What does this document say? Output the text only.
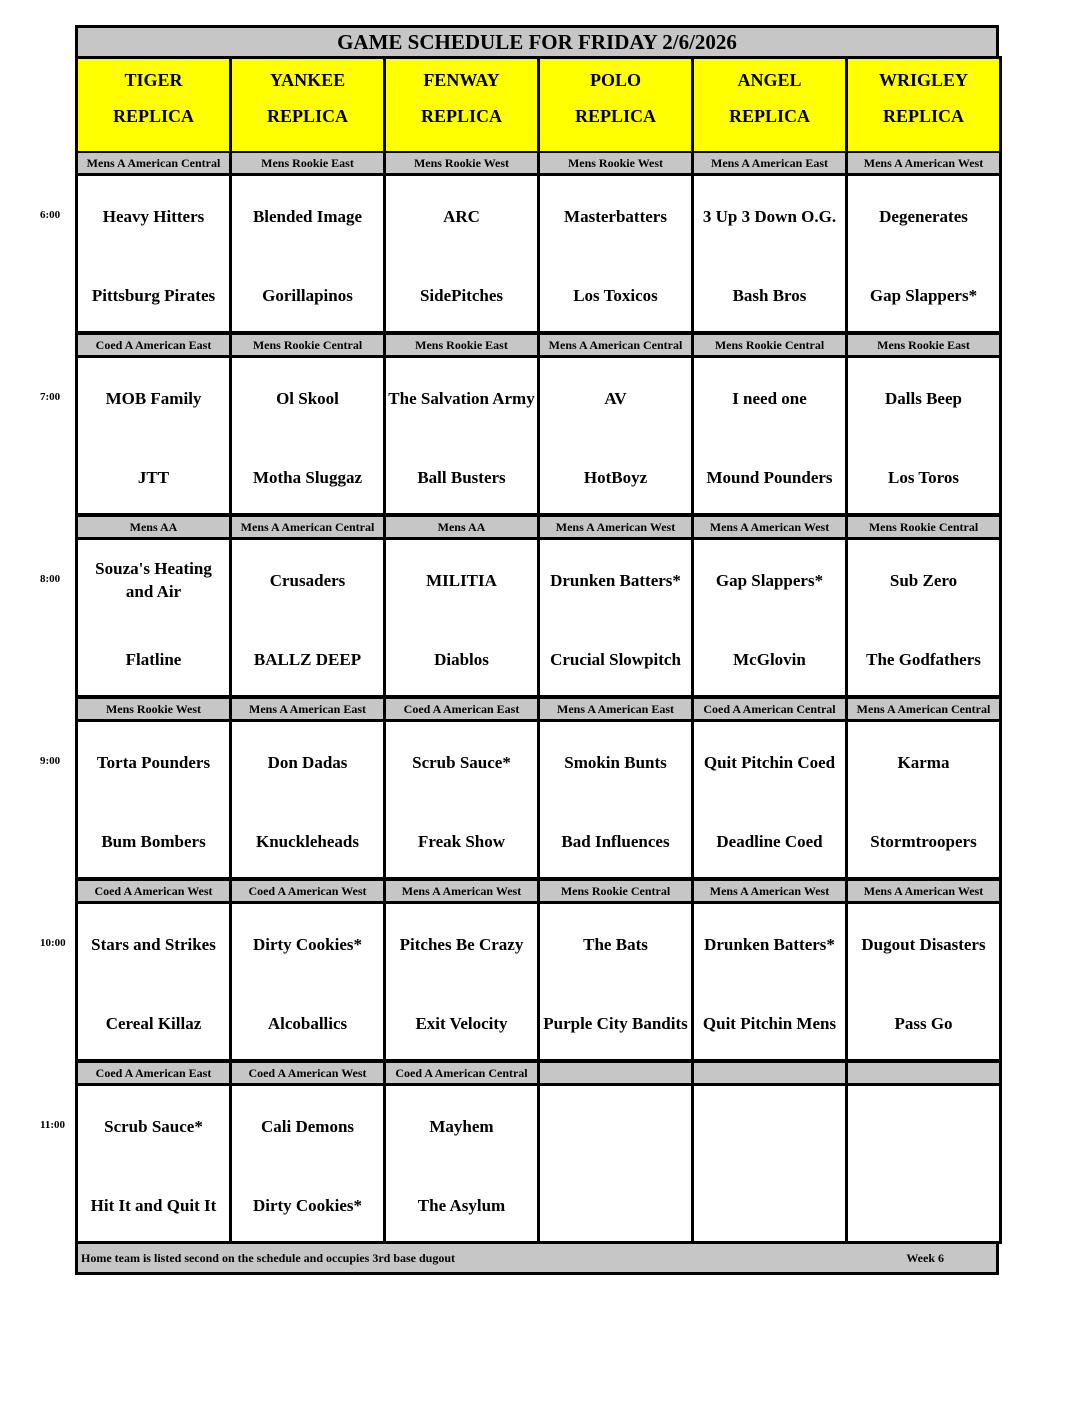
GAME SCHEDULE FOR FRIDAY 2/6/2026
TIGER
REPLICA
YANKEE
REPLICA
FENWAY
REPLICA
POLO
REPLICA
ANGEL
REPLICA
WRIGLEY
REPLICA
Mens A American Central
Heavy Hitters
Pittsburg Pirates
Mens Rookie East
Blended Image
Gorillapinos
Mens Rookie West
ARC
SidePitches
Mens Rookie West
Masterbatters
Los Toxicos
Mens A American East
3 Up 3 Down O.G.
Bash Bros
Mens A American West
Degenerates
Gap Slappers*
Coed A American East
MOB Family
JTT
Mens Rookie Central
Ol Skool
Motha Sluggaz
Mens Rookie East
The Salvation Army
Ball Busters
Mens A American Central
AV
HotBoyz
Mens Rookie Central
I need one
Mound Pounders
Mens Rookie East
Dalls Beep
Los Toros
Mens AA
Souza's Heating and Air
Flatline
Mens A American Central
Crusaders
BALLZ DEEP
Mens AA
MILITIA
Diablos
Mens A American West
Drunken Batters*
Crucial Slowpitch
Mens A American West
Gap Slappers*
McGlovin
Mens Rookie Central
Sub Zero
The Godfathers
Mens Rookie West
Torta Pounders
Bum Bombers
Mens A American East
Don Dadas
Knuckleheads
Coed A American East
Scrub Sauce*
Freak Show
Mens A American East
Smokin Bunts
Bad Influences
Coed A American Central
Quit Pitchin Coed
Deadline Coed
Mens A American Central
Karma
Stormtroopers
Coed A American West
Stars and Strikes
Cereal Killaz
Coed A American West
Dirty Cookies*
Alcoballics
Mens A American West
Pitches Be Crazy
Exit Velocity
Mens Rookie Central
The Bats
Purple City Bandits
Mens A American West
Drunken Batters*
Quit Pitchin Mens
Mens A American West
Dugout Disasters
Pass Go
Coed A American East
Scrub Sauce*
Hit It and Quit It
Coed A American West
Cali Demons
Dirty Cookies*
Coed A American Central
Mayhem
The Asylum
Home team is listed second on the schedule and occupies 3rd base dugout	Week 6
6:00
7:00
8:00
9:00
10:00
11:00
